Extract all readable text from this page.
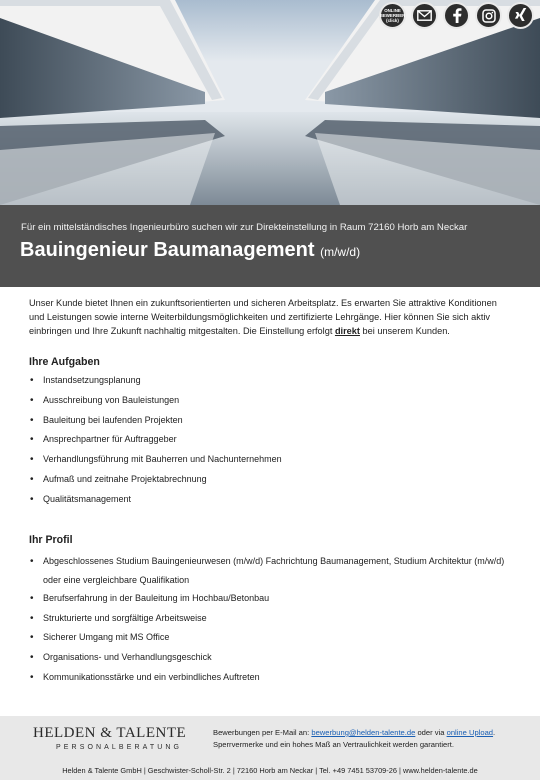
ONLINE
BEWERBEN
(click)
Für ein mittelständisches Ingenieurbüro suchen wir zur Direkteinstellung in Raum 72160 Horb am Neckar
Bauingenieur Baumanagement (m/w/d)

Unser Kunde bietet Ihnen ein zukunftsorientierten und sicheren Arbeitsplatz. Es erwarten Sie attraktive Konditionen und Leistungen sowie interne Weiterbildungsmöglichkeiten und zertifizierte Lehrgänge. Hier können Sie sich aktiv einbringen und Ihre Zukunft nachhaltig mitgestalten. Die Einstellung erfolgt direkt bei unserem Kunden.

Ihre Aufgaben
• Instandsetzungsplanung
• Ausschreibung von Bauleistungen
• Bauleitung bei laufenden Projekten
• Ansprechpartner für Auftraggeber
• Verhandlungsführung mit Bauherren und Nachunternehmen
• Aufmaß und zeitnahe Projektabrechnung
• Qualitätsmanagement
Ihr Profil
• Abgeschlossenes Studium Bauingenieurwesen (m/w/d) Fachrichtung Baumanagement, Studium Architektur (m/w/d) oder eine vergleichbare Qualifikation
• Berufserfahrung in der Bauleitung im Hochbau/Betonbau
• Strukturierte und sorgfältige Arbeitsweise
• Sicherer Umgang mit MS Office
• Organisations- und Verhandlungsgeschick
• Kommunikationsstärke und ein verbindliches Auftreten
HELDEN & TALENTE
PERSONALBERATUNG
Bewerbungen per E-Mail an: bewerbung@helden-talente.de oder via online Upload.
Sperrvermerke und ein hohes Maß an Vertraulichkeit werden garantiert.
Helden & Talente GmbH | Geschwister-Scholl-Str. 2 | 72160 Horb am Neckar | Tel. +49 7451 53709-26 | www.helden-talente.de
